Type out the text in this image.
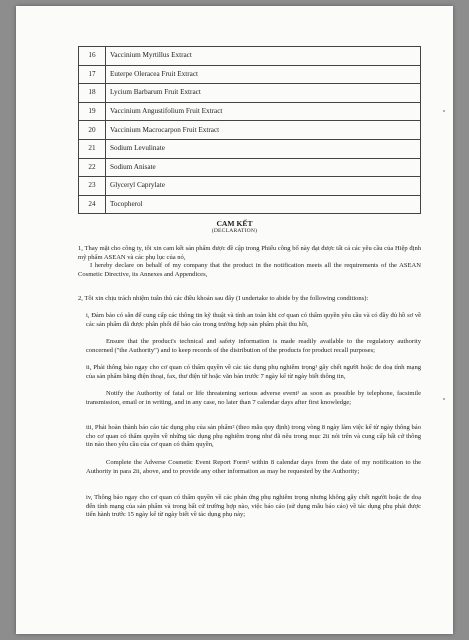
16	Vaccinium Myrtillus Extract
17	Euterpe Oleracea Fruit Extract
18	Lycium Barbarum Fruit Extract
19	Vaccinium Angustifolium Fruit Extract
20	Vaccinium Macrocarpon Fruit Extract
21	Sodium Levulinate
22	Sodium Anisate
23	Glyceryl Caprylate
24	Tocopherol
CAM KẾT
(DECLARATION)

1, Thay mặt cho công ty, tôi xin cam kết sản phẩm được đề cập trong Phiếu công bố này đạt được tất cả các yêu cầu của Hiệp định mỹ phẩm ASEAN và các phụ lục của nó,

I hereby declare on behalf of my company that the product in the notification meets all the requirements of the ASEAN Cosmetic Directive, its Annexes and Appendices,

2, Tôi xin chịu trách nhiệm tuân thủ các điều khoản sau đây (I undertake to abide by the following conditions):

i, Đảm bảo có sẵn để cung cấp các thông tin kỹ thuật và tính an toàn khi cơ quan có thẩm quyền yêu cầu và có đầy đủ hồ sơ về các sản phẩm đã được phân phối để báo cáo trong trường hợp sản phẩm phải thu hồi,

Ensure that the product's technical and safety information is made readily available to the regulatory authority concerned ("the Authority") and to keep records of the distribution of the products for product recall purposes;

ii, Phải thông báo ngay cho cơ quan có thẩm quyền về các tác dụng phụ nghiêm trọng¹ gây chết người hoặc đe doạ tính mạng của sản phẩm bằng điện thoại, fax, thư điện tử hoặc văn bản trước 7 ngày kể từ ngày biết thông tin,

Notify the Authority of fatal or life threatening serious adverse event¹ as soon as possible by telephone, facsimile transmission, email or in writing, and in any case, no later than 7 calendar days after first knowledge;

iii, Phải hoàn thành báo cáo tác dụng phụ của sản phẩm² (theo mẫu quy định) trong vòng 8 ngày làm việc kể từ ngày thông báo cho cơ quan có thẩm quyền về những tác dụng phụ nghiêm trọng như đã nêu trong mục 2ii nói trên và cung cấp bất cứ thông tin nào theo yêu cầu của cơ quan có thẩm quyền,

Complete the Adverse Cosmetic Event Report Form² within 8 calendar days from the date of my notification to the Authority in para 2ii, above, and to provide any other information as may be requested by the Authority;

iv, Thông báo ngay cho cơ quan có thẩm quyền về các phản ứng phụ nghiêm trọng nhưng không gây chết người hoặc đe doạ đến tính mạng của sản phẩm và trong bất cứ trường hợp nào, việc báo cáo (sử dụng mẫu báo cáo) về tác dụng phụ phải được tiến hành trước 15 ngày kể từ ngày biết về tác dụng phụ này;
